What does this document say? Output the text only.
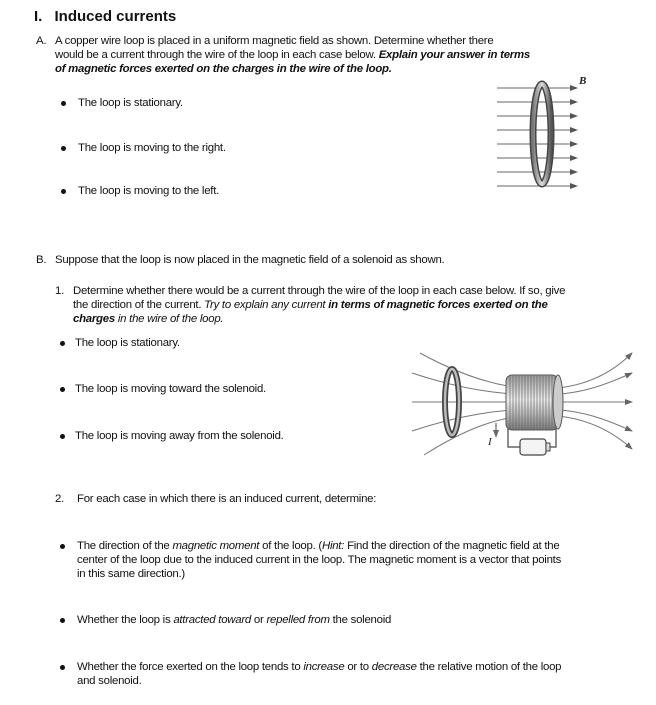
I. Induced currents
A. A copper wire loop is placed in a uniform magnetic field as shown. Determine whether there
would be a current through the wire of the loop in each case below. Explain your answer in terms
of magnetic forces exerted on the charges in the wire of the loop.
The loop is stationary.
The loop is moving to the right.
The loop is moving to the left.
B
B. Suppose that the loop is now placed in the magnetic field of a solenoid as shown.
1. Determine whether there would be a current through the wire of the loop in each case below. If so, give
the direction of the current. Try to explain any current in terms of magnetic forces exerted on the
charges in the wire of the loop.
The loop is stationary.
The loop is moving toward the solenoid.
The loop is moving away from the solenoid.	I
2. For each case in which there is an induced current, determine:
The direction of the magnetic moment of the loop. (Hint: Find the direction of the magnetic field at the
center of the loop due to the induced current in the loop. The magnetic moment is a vector that points
in this same direction.)
Whether the loop is attracted toward or repelled from the solenoid
Whether the force exerted on the loop tends to increase or to decrease the relative motion of the loop
and solenoid.
